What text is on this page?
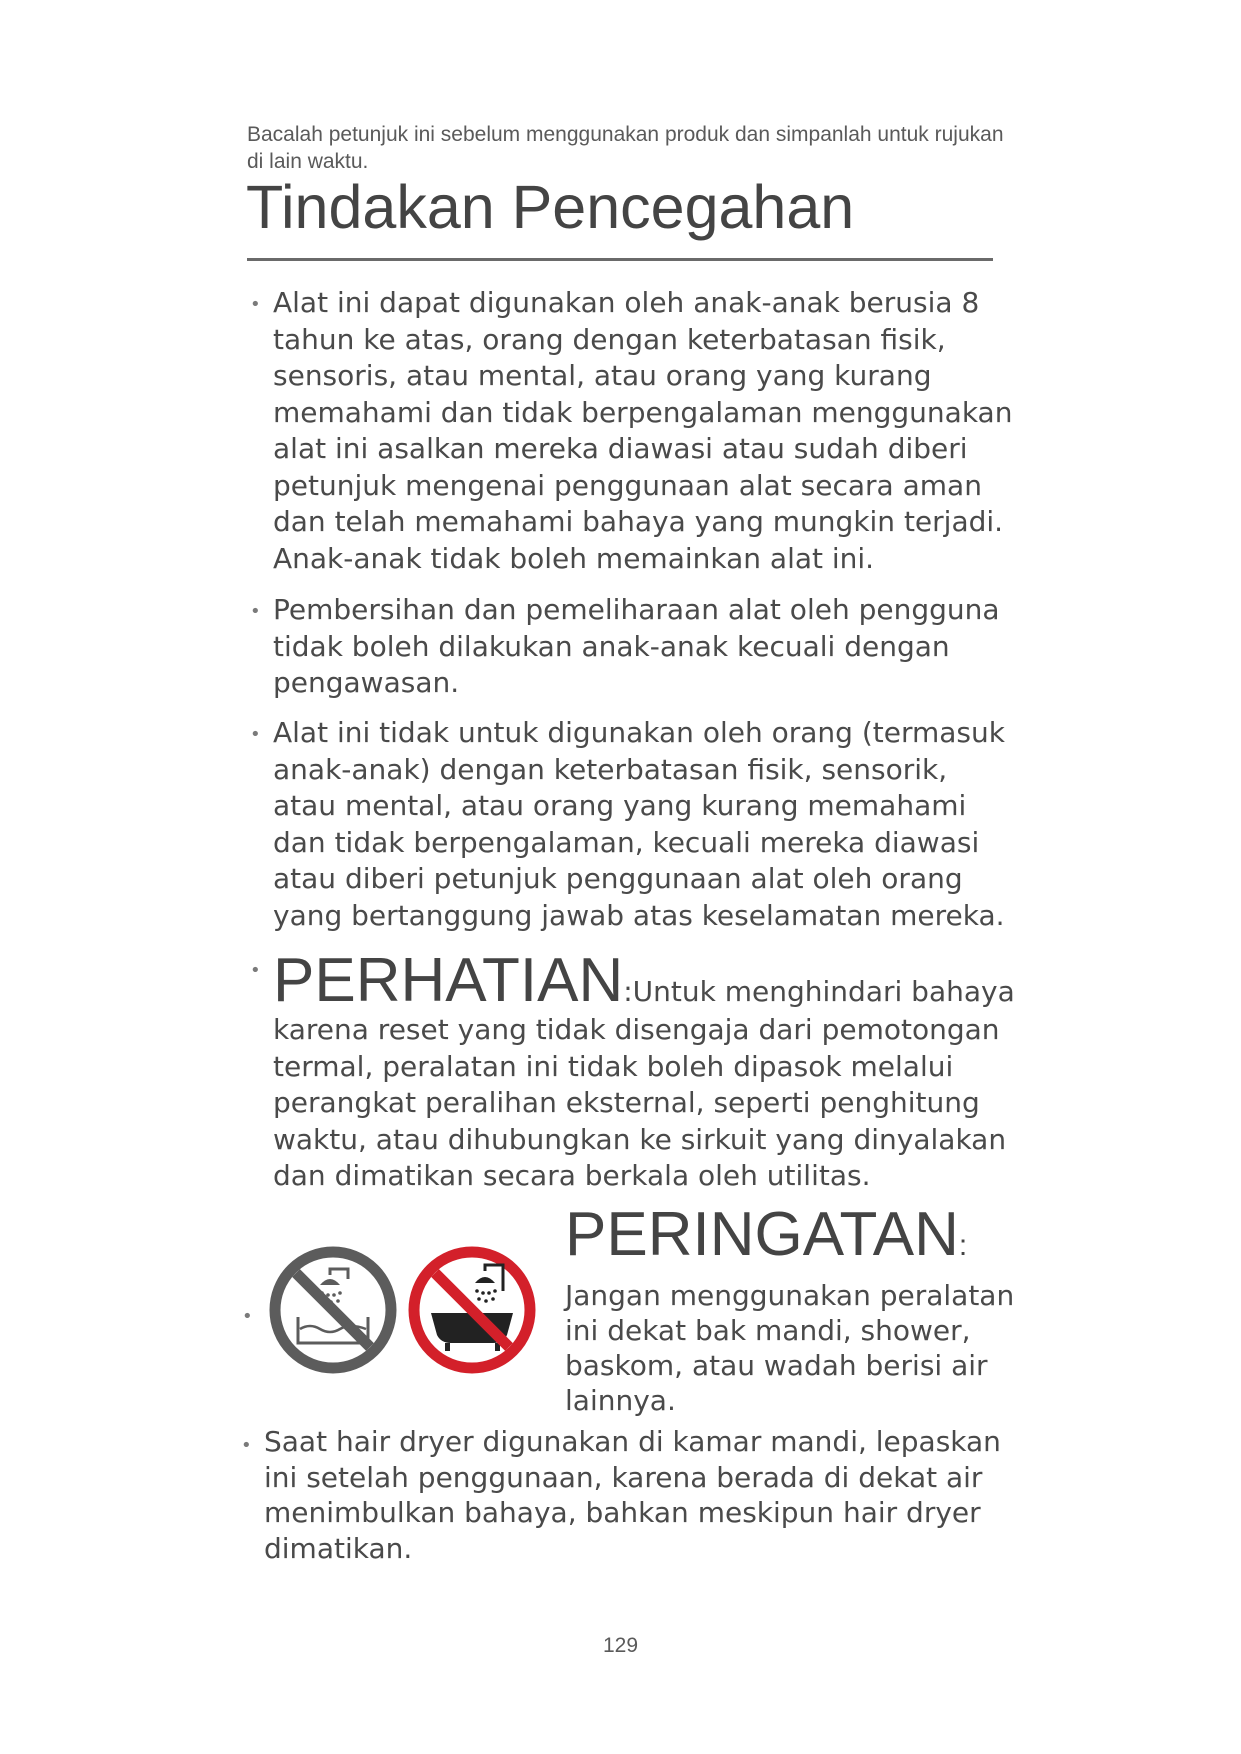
Bacalah petunjuk ini sebelum menggunakan produk dan simpanlah untuk rujukan di lain waktu.
Tindakan Pencegahan
• Alat ini dapat digunakan oleh anak-anak berusia 8 tahun ke atas, orang dengan keterbatasan fisik, sensoris, atau mental, atau orang yang kurang memahami dan tidak berpengalaman menggunakan alat ini asalkan mereka diawasi atau sudah diberi petunjuk mengenai penggunaan alat secara aman dan telah memahami bahaya yang mungkin terjadi. Anak-anak tidak boleh memainkan alat ini.
• Pembersihan dan pemeliharaan alat oleh pengguna tidak boleh dilakukan anak-anak kecuali dengan pengawasan.
• Alat ini tidak untuk digunakan oleh orang (termasuk anak-anak) dengan keterbatasan fisik, sensorik, atau mental, atau orang yang kurang memahami dan tidak berpengalaman, kecuali mereka diawasi atau diberi petunjuk penggunaan alat oleh orang yang bertanggung jawab atas keselamatan mereka.
• PERHATIAN:Untuk menghindari bahaya karena reset yang tidak disengaja dari pemotongan termal, peralatan ini tidak boleh dipasok melalui perangkat peralihan eksternal, seperti penghitung waktu, atau dihubungkan ke sirkuit yang dinyalakan dan dimatikan secara berkala oleh utilitas.
•
PERINGATAN:
Jangan menggunakan peralatan ini dekat bak mandi, shower, baskom, atau wadah berisi air lainnya.
• Saat hair dryer digunakan di kamar mandi, lepaskan ini setelah penggunaan, karena berada di dekat air menimbulkan bahaya, bahkan meskipun hair dryer dimatikan.
129
